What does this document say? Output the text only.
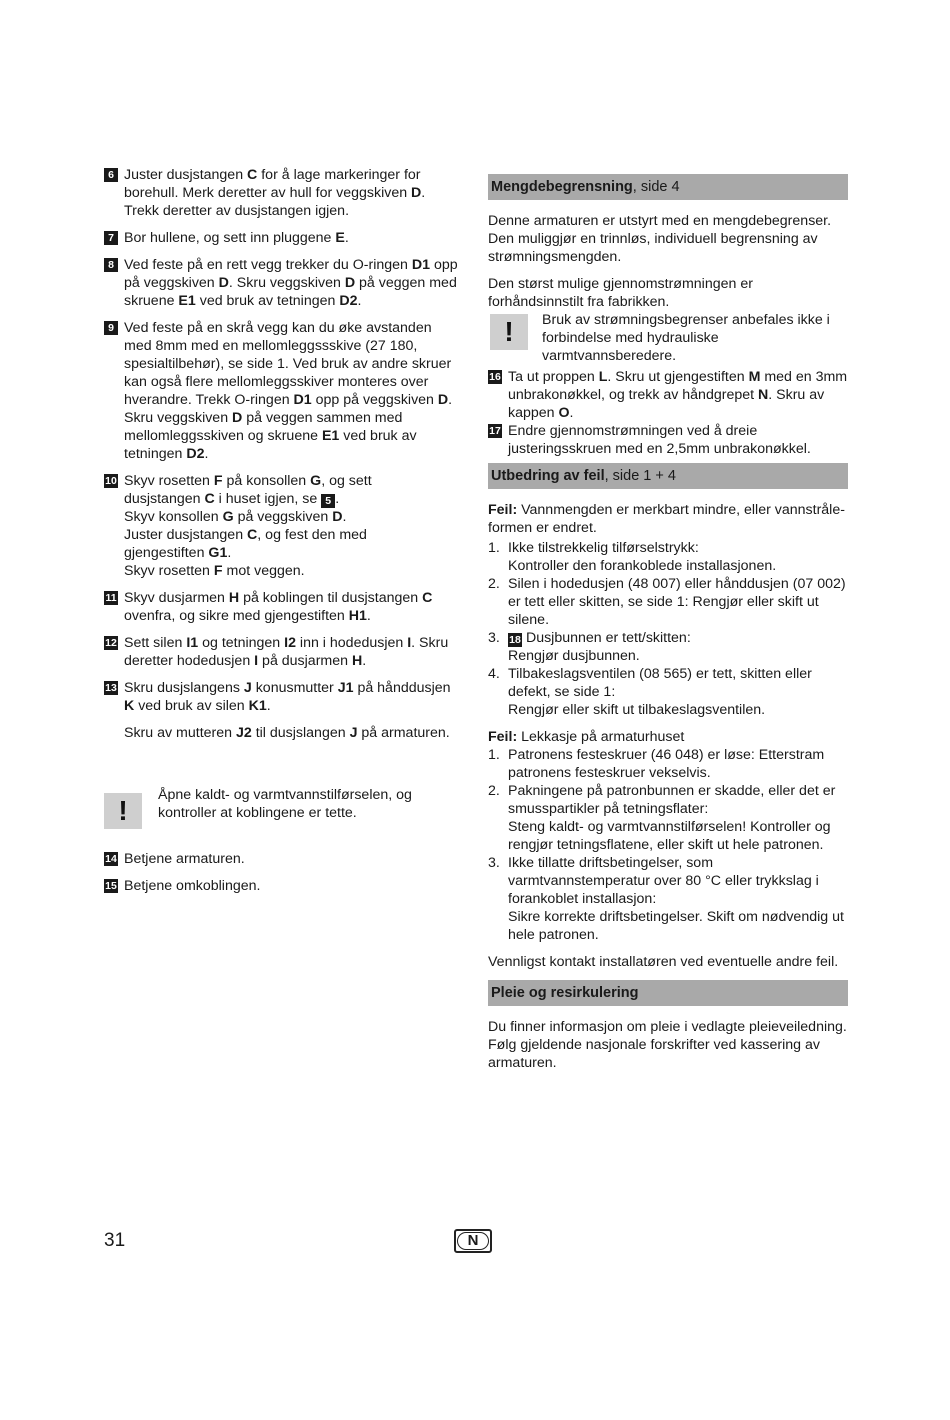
6 Juster dusjstangen C for å lage markeringer for
borehull. Merk deretter av hull for veggskiven D.
Trekk deretter av dusjstangen igjen.
7 Bor hullene, og sett inn pluggene E.
8 Ved feste på en rett vegg trekker du O-ringen D1 opp
på veggskiven D. Skru veggskiven D på veggen med
skruene E1 ved bruk av tetningen D2.
9 Ved feste på en skrå vegg kan du øke avstanden
med 8mm med en mellomleggssskive (27 180,
spesialtilbehør), se side 1. Ved bruk av andre skruer
kan også flere mellomleggsskiver monteres over
hverandre. Trekk O-ringen D1 opp på veggskiven D.
Skru veggskiven D på veggen sammen med
mellomleggsskiven og skruene E1 ved bruk av
tetningen D2.
10 Skyv rosetten F på konsollen G, og sett
dusjstangen C i huset igjen, se 5 .
Skyv konsollen G på veggskiven D.
Juster dusjstangen C, og fest den med
gjengestiften G1.
Skyv rosetten F mot veggen.
11 Skyv dusjarmen H på koblingen til dusjstangen C
ovenfra, og sikre med gjengestiften H1.
12 Sett silen I1 og tetningen I2 inn i hodedusjen I. Skru
deretter hodedusjen I på dusjarmen H.
13 Skru dusjslangens J konusmutter J1 på hånddusjen
K ved bruk av silen K1.
Skru av mutteren J2 til dusjslangen J på armaturen.
!	Åpne kaldt- og varmtvannstilførselen, og
kontroller at koblingene er tette.
14 Betjene armaturen.
15 Betjene omkoblingen.
Mengdebegrensning, side 4
Denne armaturen er utstyrt med en mengdebegrenser.
Den muliggjør en trinnløs, individuell begrensning av
strømningsmengden.
Den størst mulige gjennomstrømningen er
forhåndsinnstilt fra fabrikken.
!	Bruk av strømningsbegrenser anbefales ikke i
forbindelse med hydrauliske
varmtvannsberedere.
16 Ta ut proppen L. Skru ut gjengestiften M med en 3mm
unbrakonøkkel, og trekk av håndgrepet N. Skru av
kappen O.
17 Endre gjennomstrømningen ved å dreie
justeringsskruen med en 2,5mm unbrakonøkkel.
Utbedring av feil, side 1 + 4
Feil: Vannmengden er merkbart mindre, eller vannstråle-
formen er endret.
1. Ikke tilstrekkelig tilførselstrykk:
Kontroller den forankoblede installasjonen.
2. Silen i hodedusjen (48 007) eller hånddusjen (07 002)
er tett eller skitten, se side 1: Rengjør eller skift ut
silene.
3. 18 Dusjbunnen er tett/skitten:
Rengjør dusjbunnen.
4. Tilbakeslagsventilen (08 565) er tett, skitten eller
defekt, se side 1:
Rengjør eller skift ut tilbakeslagsventilen.
Feil: Lekkasje på armaturhuset
1. Patronens festeskruer (46 048) er løse: Etterstram
patronens festeskruer vekselvis.
2. Pakningene på patronbunnen er skadde, eller det er
smusspartikler på tetningsflater:
Steng kaldt- og varmtvannstilførselen! Kontroller og
rengjør tetningsflatene, eller skift ut hele patronen.
3. Ikke tillatte driftsbetingelser, som
varmtvannstemperatur over 80 °C eller trykkslag i
forankoblet installasjon:
Sikre korrekte driftsbetingelser. Skift om nødvendig ut
hele patronen.
Vennligst kontakt installatøren ved eventuelle andre feil.
Pleie og resirkulering
Du finner informasjon om pleie i vedlagte pleieveiledning.
Følg gjeldende nasjonale forskrifter ved kassering av
armaturen.
31	N
